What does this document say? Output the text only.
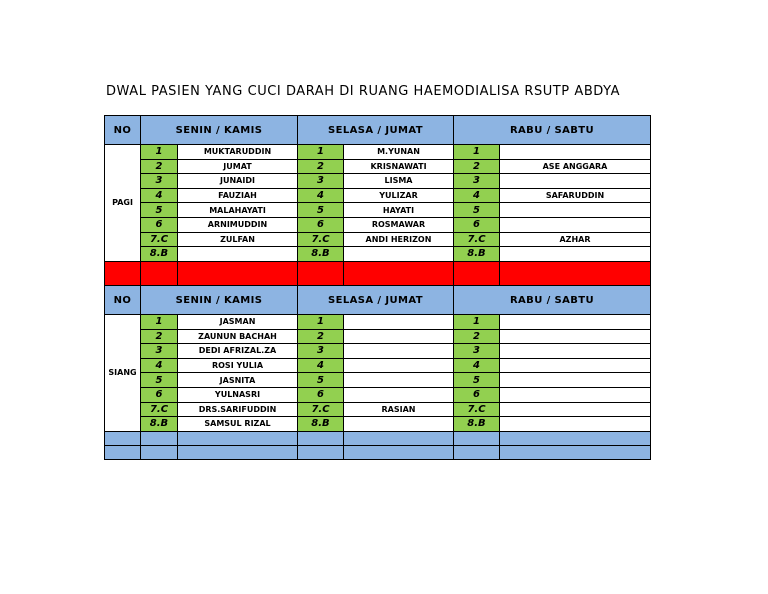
DWAL PASIEN YANG CUCI DARAH DI RUANG HAEMODIALISA RSUTP ABDYA
NO	SENIN / KAMIS		SELASA / JUMAT		RABU / SABTU	
PAGI	1	MUKTARUDDIN	1	M.YUNAN	1	
	2	JUMAT	2	KRISNAWATI	2	ASE ANGGARA
	3	JUNAIDI	3	LISMA	3	
	4	FAUZIAH	4	YULIZAR	4	SAFARUDDIN
	5	MALAHAYATI	5	HAYATI	5	
	6	ARNIMUDDIN	6	ROSMAWAR	6	
	7.C	ZULFAN	7.C	ANDI HERIZON	7.C	AZHAR
	8.B		8.B		8.B	

NO	SENIN / KAMIS		SELASA / JUMAT		RABU / SABTU	
SIANG	1	JASMAN	1		1	
	2	ZAUNUN BACHAH	2		2	
	3	DEDI AFRIZAL.ZA	3		3	
	4	ROSI YULIA	4		4	
	5	JASNITA	5		5	
	6	YULNASRI	6		6	
	7.C	DRS.SARIFUDDIN	7.C	RASIAN	7.C	
	8.B	SAMSUL RIZAL	8.B		8.B	
